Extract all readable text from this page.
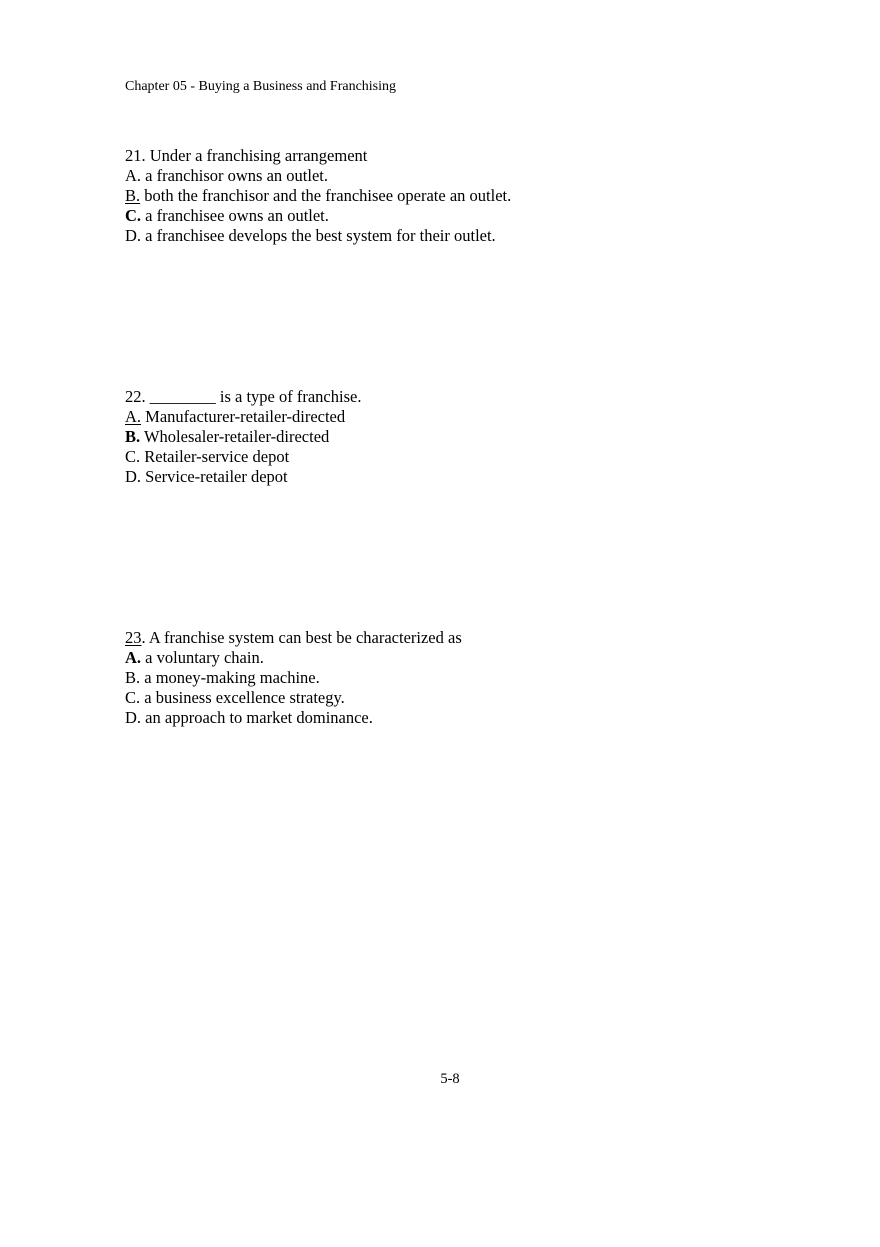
Chapter 05 - Buying a Business and Franchising
21. Under a franchising arrangement
A. a franchisor owns an outlet.
B. both the franchisor and the franchisee operate an outlet.
C. a franchisee owns an outlet.
D. a franchisee develops the best system for their outlet.
22. ________ is a type of franchise.
A. Manufacturer-retailer-directed
B. Wholesaler-retailer-directed
C. Retailer-service depot
D. Service-retailer depot
23. A franchise system can best be characterized as
A. a voluntary chain.
B. a money-making machine.
C. a business excellence strategy.
D. an approach to market dominance.
5-8
